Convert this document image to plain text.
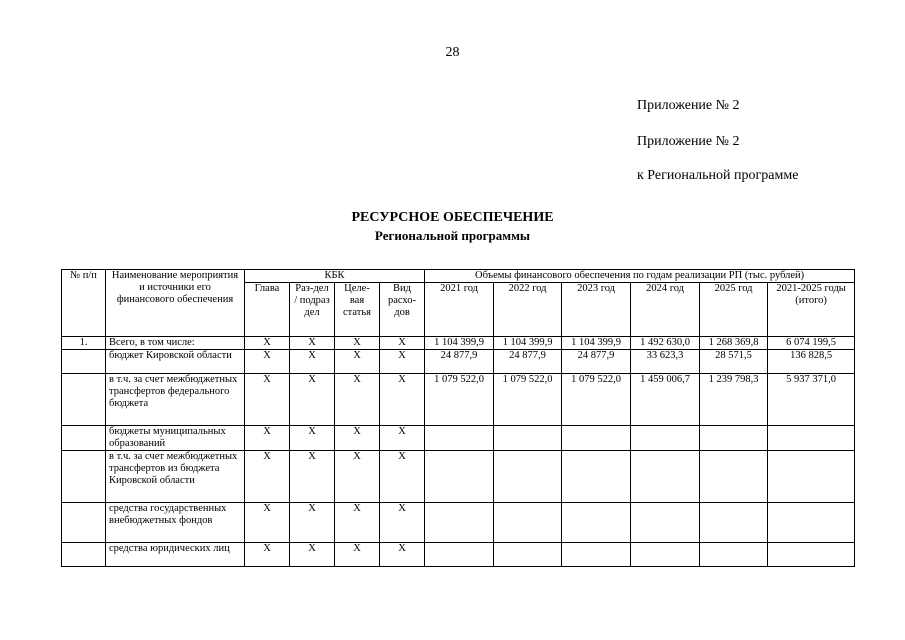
28
Приложение № 2
Приложение № 2
к Региональной программе
РЕСУРСНОЕ ОБЕСПЕЧЕНИЕ
Региональной программы
№ п/п	Наименование мероприятия и источники его финансового обеспечения	КБК				Объемы финансового обеспечения по годам реализации РП (тыс. рублей)					
		Глава	Раз-дел / подраз дел	Целе-вая статья	Вид расхо-дов	2021 год	2022 год	2023 год	2024 год	2025 год	2021-2025 годы (итого)
1.	Всего, в том числе:	Х	Х	Х	Х	1 104 399,9	1 104 399,9	1 104 399,9	1 492 630,0	1 268 369,8	6 074 199,5
	бюджет Кировской области	Х	Х	Х	Х	24 877,9	24 877,9	24 877,9	33 623,3	28 571,5	136 828,5
	в т.ч. за счет межбюджетных трансфертов федерального бюджета	Х	Х	Х	Х	1 079 522,0	1 079 522,0	1 079 522,0	1 459 006,7	1 239 798,3	5 937 371,0
	бюджеты муниципальных образований	Х	Х	Х	Х						
	в т.ч. за счет межбюджетных трансфертов из бюджета Кировской области	Х	Х	Х	Х						
	средства государственных внебюджетных фондов	Х	Х	Х	Х						
	средства юридических лиц	Х	Х	Х	Х						
